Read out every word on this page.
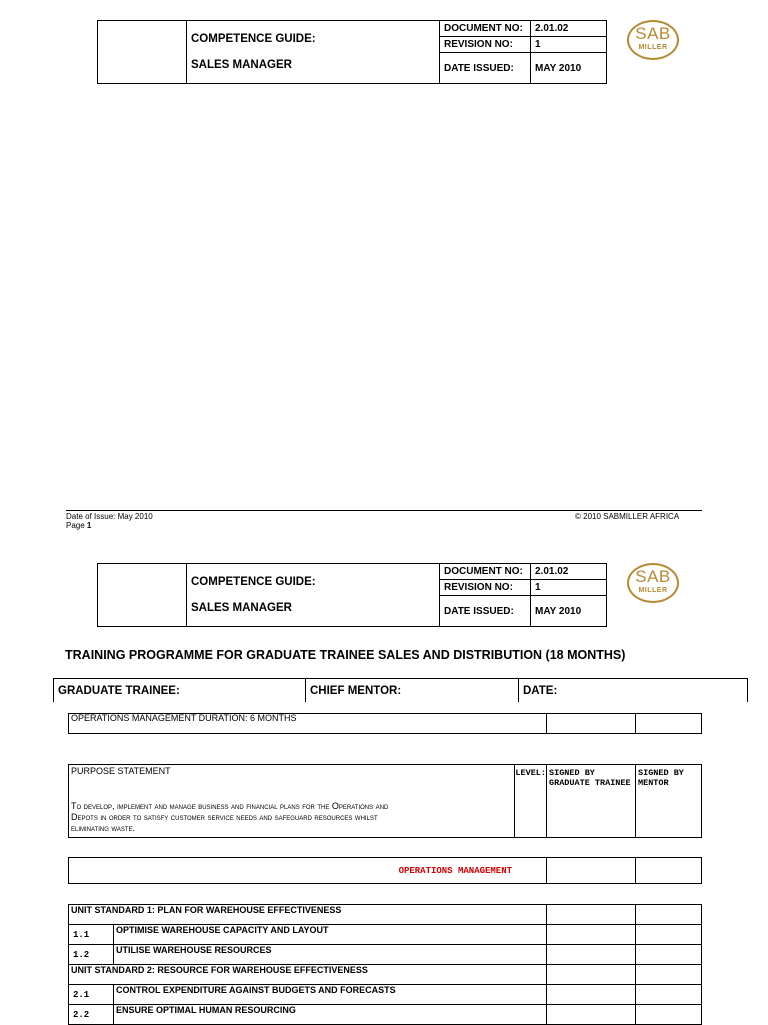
	COMPETENCE GUIDE:
SALES MANAGER	DOCUMENT NO:	2.01.02
		REVISION NO:	1
		DATE ISSUED:	MAY 2010
SAB
MILLER
Date of Issue: May 2010
Page 1
© 2010 SABMILLER AFRICA

	COMPETENCE GUIDE:
SALES MANAGER	DOCUMENT NO:	2.01.02
		REVISION NO:	1
		DATE ISSUED:	MAY 2010
SAB
MILLER
TRAINING PROGRAMME FOR GRADUATE TRAINEE SALES AND DISTRIBUTION (18 MONTHS)
GRADUATE TRAINEE:	CHIEF MENTOR:	DATE:
OPERATIONS MANAGEMENT DURATION: 6 MONTHS		
PURPOSE STATEMENT
To develop, implement and manage business and financial plans for the Operations and Depots in order to satisfy customer service needs and safeguard resources whilst eliminating waste.
	LEVEL:	SIGNED BY GRADUATE TRAINEE	SIGNED BY MENTOR
OPERATIONS MANAGEMENT		
UNIT STANDARD 1: PLAN FOR WAREHOUSE EFFECTIVENESS			
1.1	OPTIMISE WAREHOUSE CAPACITY AND LAYOUT		
1.2	UTILISE WAREHOUSE RESOURCES		
UNIT STANDARD 2: RESOURCE FOR WAREHOUSE EFFECTIVENESS			
2.1	CONTROL EXPENDITURE AGAINST BUDGETS AND FORECASTS		
2.2	ENSURE OPTIMAL HUMAN RESOURCING		
